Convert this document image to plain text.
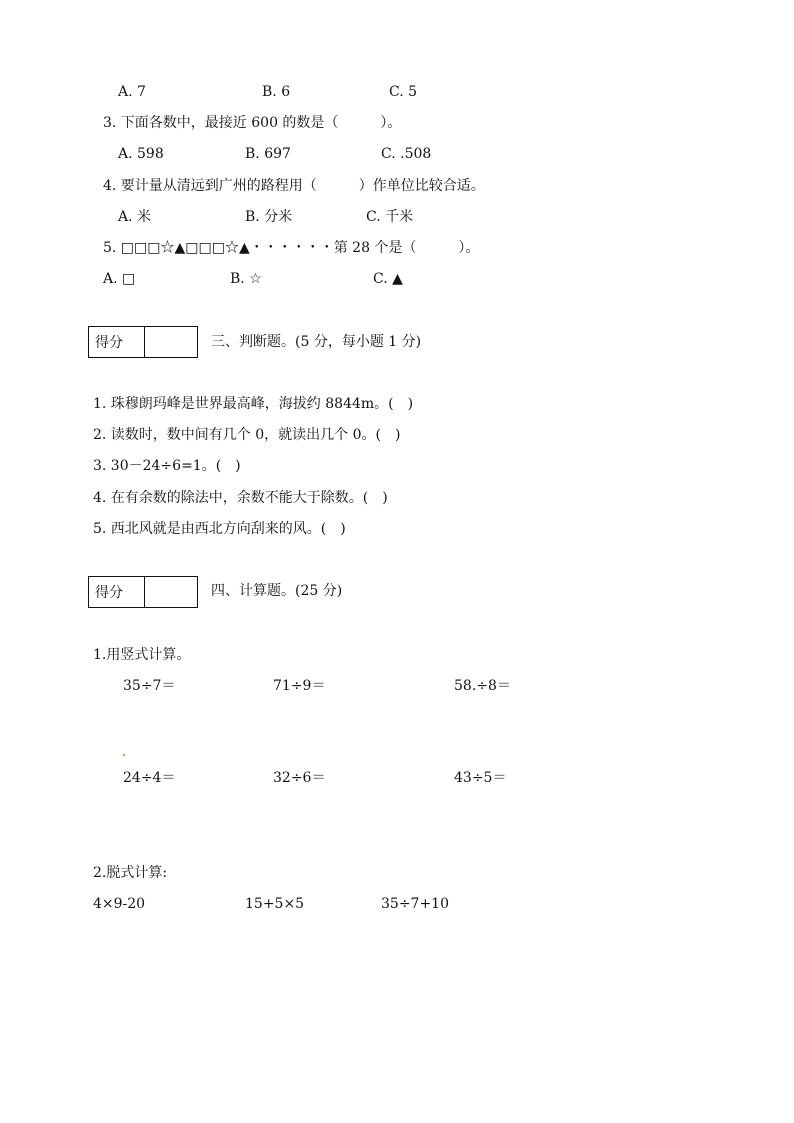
A. 7	B. 6	C. 5
3. 下面各数中，最接近 600 的数是（　　　）。
A. 598	B. 697	C. .508
4. 要计量从清远到广州的路程用（　　　）作单位比较合适。
A. 米	B. 分米	C. 千米
5. □□□☆▲□□□☆▲・・・・・・第 28 个是（　　　）。
A. □	B. ☆	C. ▲
得分	三、判断题。(5 分，每小题 1 分)
1. 珠穆朗玛峰是世界最高峰，海拔约 8844m。(　)
2. 读数时，数中间有几个 0，就读出几个 0。(　)
3. 30－24÷6=1。(　)
4. 在有余数的除法中，余数不能大于除数。(　)
5. 西北风就是由西北方向刮来的风。(　)
得分	四、计算题。(25 分)
1.用竖式计算。
35÷7＝	71÷9＝	58.÷8＝
24÷4＝	32÷6＝	43÷5＝
2.脱式计算:
4×9-20	15+5×5	35÷7+10
